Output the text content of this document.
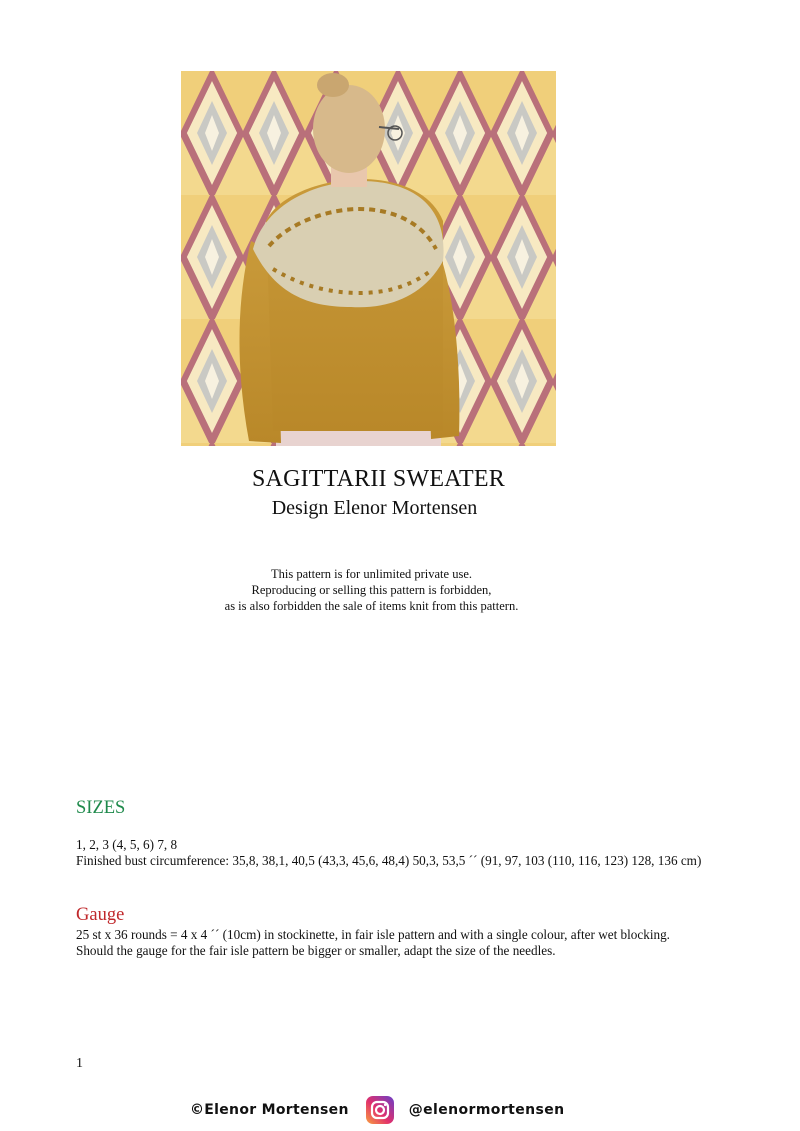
SAGITTARII SWEATER
Design Elenor Mortensen
This pattern is for unlimited private use.
Reproducing or selling this pattern is forbidden,
as is also forbidden the sale of items knit from this pattern.
SIZES
1, 2, 3 (4, 5, 6) 7, 8
Finished bust circumference: 35,8, 38,1, 40,5 (43,3, 45,6, 48,4) 50,3, 53,5 ´´ (91, 97, 103 (110, 116, 123) 128, 136 cm)
Gauge
25 st x 36 rounds = 4 x 4 ´´ (10cm) in stockinette, in fair isle pattern and with a single colour, after wet blocking.
Should the gauge for the fair isle pattern be bigger or smaller, adapt the size of the needles.
1
©Elenor Mortensen	@elenormortensen
